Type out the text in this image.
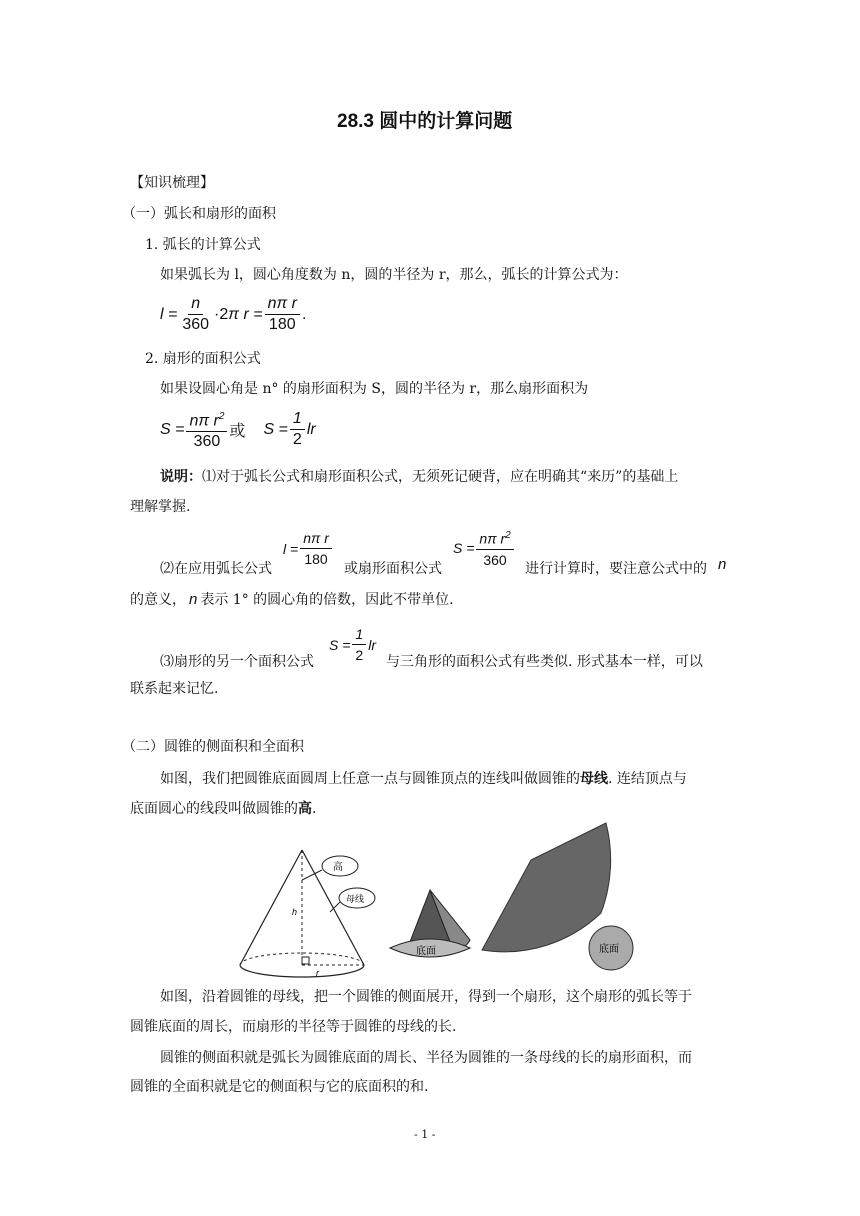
28.3 圆中的计算问题
【知识梳理】
（一）弧长和扇形的面积
1. 弧长的计算公式
如果弧长为 l，圆心角度数为 n，圆的半径为 r，那么，弧长的计算公式为：
$l = \frac{n}{360} \cdot 2$ π $r = \frac{\text{nπ r}}{180}$ .
2. 扇形的面积公式
如果设圆心角是 n° 的扇形面积为 S，圆的半径为 r，那么扇形面积为
$S = \frac{n\pi r^2}{360}$ 或 $S = \frac{1}{2}$ lr
说明：⑴对于弧长公式和扇形面积公式，无须死记硬背，应在明确其“来历”的基础上
理解掌握.
⑵在应用弧长公式
$l = \frac{\text{nπ r}}{180}$ 或扇形面积公式
$S = \frac{n\pi r^2}{360}$ 进行计算时，要注意公式中的 n
的意义， n 表示 1° 的圆心角的倍数，因此不带单位.
⑶扇形的另一个面积公式
$S = \frac{1}{2}$ lr
与三角形的面积公式有些类似. 形式基本一样，可以
联系起来记忆.
（二）圆锥的侧面积和全面积
如图，我们把圆锥底面圆周上任意一点与圆锥顶点的连线叫做圆锥的母线. 连结顶点与
底面圆心的线段叫做圆锥的高.
h
r
高
母线
底面	底面
如图，沿着圆锥的母线，把一个圆锥的侧面展开，得到一个扇形，这个扇形的弧长等于
圆锥底面的周长，而扇形的半径等于圆锥的母线的长.
圆锥的侧面积就是弧长为圆锥底面的周长、半径为圆锥的一条母线的长的扇形面积，而
圆锥的全面积就是它的侧面积与它的底面积的和.
- 1 -
